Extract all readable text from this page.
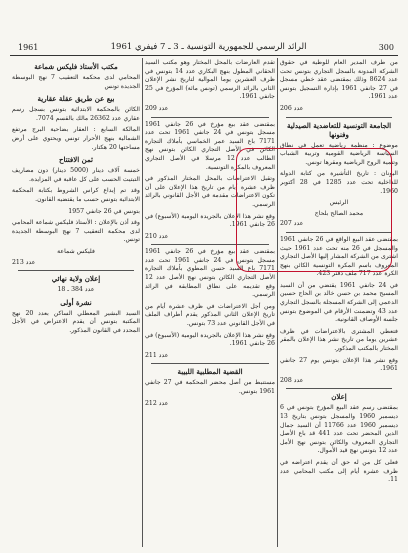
1961	الرائد الرسمي للجمهورية التونسية ـ 3 ـ 7 فيفري 1961	300

من طرف المدير العام للوطية في حقوق الشركة المدونة بالسجل التجاري بتونس تحت عدد 8624 وذلك بمقتضى عقد خطي مسجل في 27 جانفي 1961 بإدارة التسجيل بتونس عدد 1961.

عدد 206

الجامعة التونسية للتعاضدية الصيدلية وفنونها

موضوع : منظمة رياضية تعمل في نطاق السياسة الرياضية القومية وتربية الشباب وتنمية الروح الرياضية ومقرها تونس.

اليونان : تاريخ التأشيرة من كتابة الدولة للداخلية تحت عدد 1285 في 28 أكتوبر 1960.

الرئيس

محمد الصالح بلحاج

عدد 207

بمقتضى عقد البيع الواقع في 26 جانفي 1961 والمسجل في 26 منه تحت عدد 1961 حيث اشترى من الشركة المشار إليها الأصل التجاري المعروف باسم المكرة التونسية الكائن بنهج الكرة عدد 717 ملف دفتر 423.

في 24 جانفي 1961 يقتضي من أن السيد المسيح محمد بن حسن خالد بن الحاج حسين الدعمي إلى الشركة المسجلة بالسجل التجاري عدد 43 وتضمنت الأرقام في الموضوع بتونس جلسة الأوصاف القانونية.

فتعطي المشترى بالاعتراضات في ظرف عشرين يوما من تاريخ نشر هذا الإعلان بالمقر المختار بالمكتب المذكور.

وقع نشر هذا الإعلان بتونس يوم 27 جانفي 1961.

عدد 208

إعلان

بمقتضى رسم عقد البيع المؤرخ بتونس في 6 ديسمبر 1960 والمسجل بتونس بتاريخ 13 ديسمبر 1960 عدد 11766 أن السيد جمال الدين المحضر تحت عدد 441 قد باع الأصل التجاري المعروف والكائن بتونس نهج الأمل عدد 12 بتونس نهج قيد الأموال.

فعلى كل من له حق أن يقدم اعتراضه في ظرف عشرة أيام إلى مكتب المحامي عدد 11.

تقدم العارضات بالمحل المختار وهو مكتب السيد الحقاني المطول بنهج البكاري عدد 14 بتونس في ظرف العشرين يوما الموالية لتاريخ نشر الإعلان الثاني بالرائد الرسمي (تونس مائة) المؤرخ في 25 جانفي 1961.

عدد 209

بمقتضى عقد بيع مؤرخ في 26 جانفي 1961 مسجل بتونس في 24 جانفي 1961 تحت عدد 7171 باع السيد عمر الخماسي بأملاك التجارة الكائن في الأصل التجاري الكائن بتونس نهج الطالب عدد 12 مرسلا في الأصل التجاري المعروف بالمكرة التونسية.

وتقبل الاعتراضات بالمحل المختار المذكور في ظرف عشرة أيام من تاريخ هذا الإعلان على أن تكون الاعتراضات مقدمة في الأجل القانوني بالرائد الرسمي.

وقع نشر هذا الإعلان بالجريدة اليومية (الأسبوع) في 26 جانفي 1961.

عدد 210

بمقتضى عقد بيع مؤرخ في 26 جانفي 1961 مسجل بتونس في 24 جانفي 1961 تحت عدد 7171 باع السيد حسن المطوي بأملاك التجارة الأصل التجاري الكائن بتونس نهج الأصل عدد 12 وقع تقديمه على نطاق المطابقة في الرائد الرسمي.

ومن أجل الاعتراضات في ظرف عشرة أيام من تاريخ الإعلان الثاني المذكور يقدم أطراف الملف في الأجل القانوني عدد 73 بتونس.

وقع نشر هذا الإعلان بالجريدة اليومية (الأسبوع) في 26 جانفي 1961.

عدد 211

القضية المطلبية اللبيبة

مستنبط من أصل محضر المحكمة في 27 جانفي 1961 بتونس.

عدد 212

مكتب الأستاذ فليكس شماعة

المحامي لدى محكمة التعقيب 7 نهج البوسطة الجديدة تونس

بيع عن طريق عقلة عقارية

الكائن بالمحكمة الابتدائية بتونس بسجل رسم عقاري عدد 26362 مالك بالقسم 7074.

المالكة السابع : العقار بضاحية البرج مرتفع الشمالية بنهج الأحرار تونس ويحتوي على أرض مساحتها 20 هكتار.

ثمن الافتتاح

خمسة آلاف دينار (5000 دينار) دون مصاريف التبتيت الحسب على كل عاقبة في المزايدة.

وقد تم إيداع كراس الشروط بكتابة المحكمة الابتدائية بتونس حسب ما يقتضيه القانون.

بتونس في 26 جانفي 1957

وقد أذن بالإعلان : الأستاذ فليكس شماعة المحامي لدى محكمة التعقيب 7 نهج البوسطة الجديدة تونس.

فليكس شماعة

عدد 213

إعلان ولاية نهائي

عدد 384 ـ 18

نشرة أولى

السيد البشير المعطلي الساكن بعدد 20 نهج المكتبة بتونس أن يقدم الاعتراض في الأجل المحدد في القانون المذكور.
